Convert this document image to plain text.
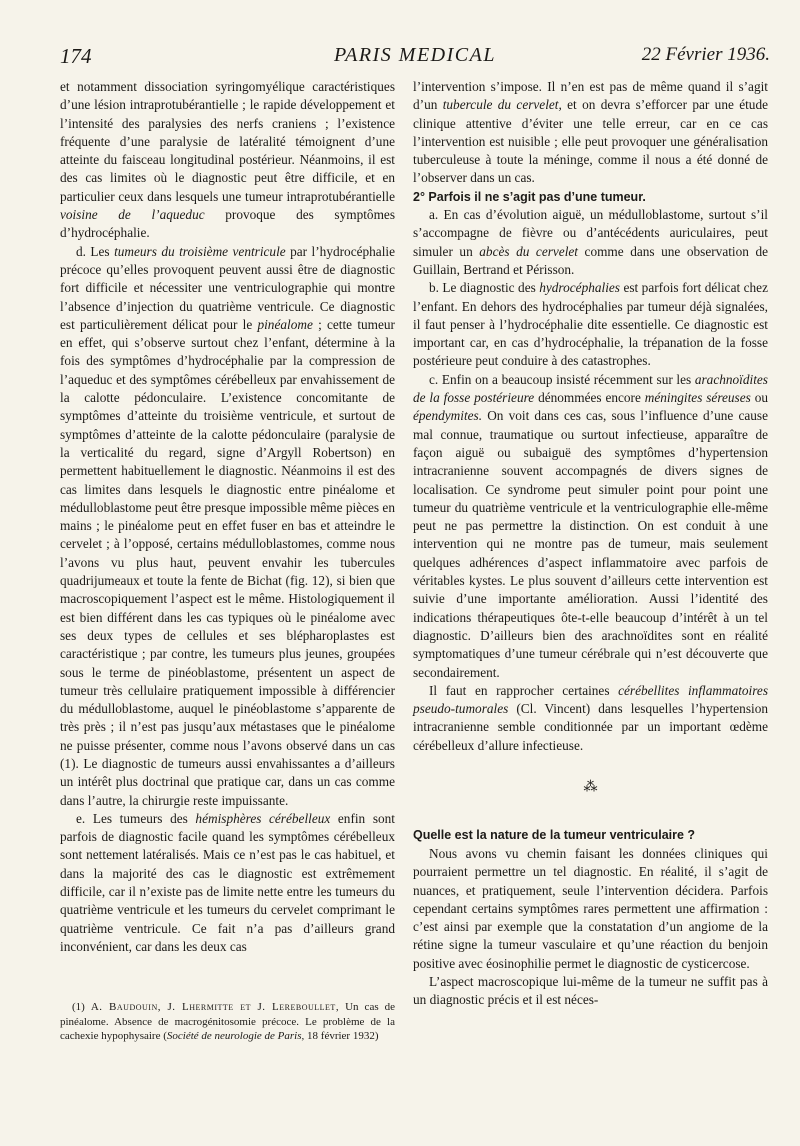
174	PARIS MEDICAL	22 Février 1936.

et notamment dissociation syringomyélique caractéristiques d’une lésion intraprotubérantielle ; le rapide développement et l’intensité des paralysies des nerfs craniens ; l’existence fréquente d’une paralysie de latéralité témoignent d’une atteinte du faisceau longitudinal postérieur. Néanmoins, il est des cas limites où le diagnostic peut être difficile, et en particulier ceux dans lesquels une tumeur intraprotubérantielle voisine de l’aqueduc provoque des symptômes d’hydrocéphalie.

d. Les tumeurs du troisième ventricule par l’hydrocéphalie précoce qu’elles provoquent peuvent aussi être de diagnostic fort difficile et nécessiter une ventriculographie qui montre l’absence d’injection du quatrième ventricule. Ce diagnostic est particulièrement délicat pour le pinéalome ; cette tumeur en effet, qui s’observe surtout chez l’enfant, détermine à la fois des symptômes d’hydrocéphalie par la compression de l’aqueduc et des symptômes cérébelleux par envahissement de la calotte pédonculaire. L’existence concomitante de symptômes d’atteinte du troisième ventricule, et surtout de symptômes d’atteinte de la calotte pédonculaire (paralysie de la verticalité du regard, signe d’Argyll Robertson) en permettent habituellement le diagnostic. Néanmoins il est des cas limites dans lesquels le diagnostic entre pinéalome et médulloblastome peut être presque impossible même pièces en mains ; le pinéalome peut en effet fuser en bas et atteindre le cervelet ; à l’opposé, certains médulloblastomes, comme nous l’avons vu plus haut, peuvent envahir les tubercules quadrijumeaux et toute la fente de Bichat (fig. 12), si bien que macroscopiquement l’aspect est le même. Histologiquement il est bien différent dans les cas typiques où le pinéalome avec ses deux types de cellules et ses blépharoplastes est caractéristique ; par contre, les tumeurs plus jeunes, groupées sous le terme de pinéoblastome, présentent un aspect de tumeur très cellulaire pratiquement impossible à différencier du médulloblastome, auquel le pinéoblastome s’apparente de très près ; il n’est pas jusqu’aux métastases que le pinéalome ne puisse présenter, comme nous l’avons observé dans un cas (1). Le diagnostic de tumeurs aussi envahissantes a d’ailleurs un intérêt plus doctrinal que pratique car, dans un cas comme dans l’autre, la chirurgie reste impuissante.

e. Les tumeurs des hémisphères cérébelleux enfin sont parfois de diagnostic facile quand les symptômes cérébelleux sont nettement latéralisés. Mais ce n’est pas le cas habituel, et dans la majorité des cas le diagnostic est extrêmement difficile, car il n’existe pas de limite nette entre les tumeurs du quatrième ventricule et les tumeurs du cervelet comprimant le quatrième ventricule. Ce fait n’a pas d’ailleurs grand inconvénient, car dans les deux cas

(1) A. Baudouin, J. Lhermitte et J. Lereboullet, Un cas de pinéalome. Absence de macrogénitosomie précoce. Le problème de la cachexie hypophysaire (Société de neurologie de Paris, 18 février 1932)

l’intervention s’impose. Il n’en est pas de même quand il s’agit d’un tubercule du cervelet, et on devra s’efforcer par une étude clinique attentive d’éviter une telle erreur, car en ce cas l’intervention est nuisible ; elle peut provoquer une généralisation tuberculeuse à toute la méninge, comme il nous a été donné de l’observer dans un cas.

2° Parfois il ne s’agit pas d’une tumeur.

a. En cas d’évolution aiguë, un médulloblastome, surtout s’il s’accompagne de fièvre ou d’antécédents auriculaires, peut simuler un abcès du cervelet comme dans une observation de Guillain, Bertrand et Périsson.

b. Le diagnostic des hydrocéphalies est parfois fort délicat chez l’enfant. En dehors des hydrocéphalies par tumeur déjà signalées, il faut penser à l’hydrocéphalie dite essentielle. Ce diagnostic est important car, en cas d’hydrocéphalie, la trépanation de la fosse postérieure peut conduire à des catastrophes.

c. Enfin on a beaucoup insisté récemment sur les arachnoïdites de la fosse postérieure dénommées encore méningites séreuses ou épendymites. On voit dans ces cas, sous l’influence d’une cause mal connue, traumatique ou surtout infectieuse, apparaître de façon aiguë ou subaiguë des symptômes d’hypertension intracranienne souvent accompagnés de divers signes de localisation. Ce syndrome peut simuler point pour point une tumeur du quatrième ventricule et la ventriculographie elle-même peut ne pas permettre la distinction. On est conduit à une intervention qui ne montre pas de tumeur, mais seulement quelques adhérences d’aspect inflammatoire avec parfois de véritables kystes. Le plus souvent d’ailleurs cette intervention est suivie d’une importante amélioration. Aussi l’identité des indications thérapeutiques ôte-t-elle beaucoup d’intérêt à un tel diagnostic. D’ailleurs bien des arachnoïdites sont en réalité symptomatiques d’une tumeur cérébrale qui n’est découverte que secondairement.

Il faut en rapprocher certaines cérébellites inflammatoires pseudo-tumorales (Cl. Vincent) dans lesquelles l’hypertension intracranienne semble conditionnée par un important œdème cérébelleux d’allure infectieuse.

⁂

Quelle est la nature de la tumeur ventriculaire ?

Nous avons vu chemin faisant les données cliniques qui pourraient permettre un tel diagnostic. En réalité, il s’agit de nuances, et pratiquement, seule l’intervention décidera. Parfois cependant certains symptômes rares permettent une affirmation : c’est ainsi par exemple que la constatation d’un angiome de la rétine signe la tumeur vasculaire et qu’une réaction du benjoin positive avec éosinophilie permet le diagnostic de cysticercose.

L’aspect macroscopique lui-même de la tumeur ne suffit pas à un diagnostic précis et il est néces-
